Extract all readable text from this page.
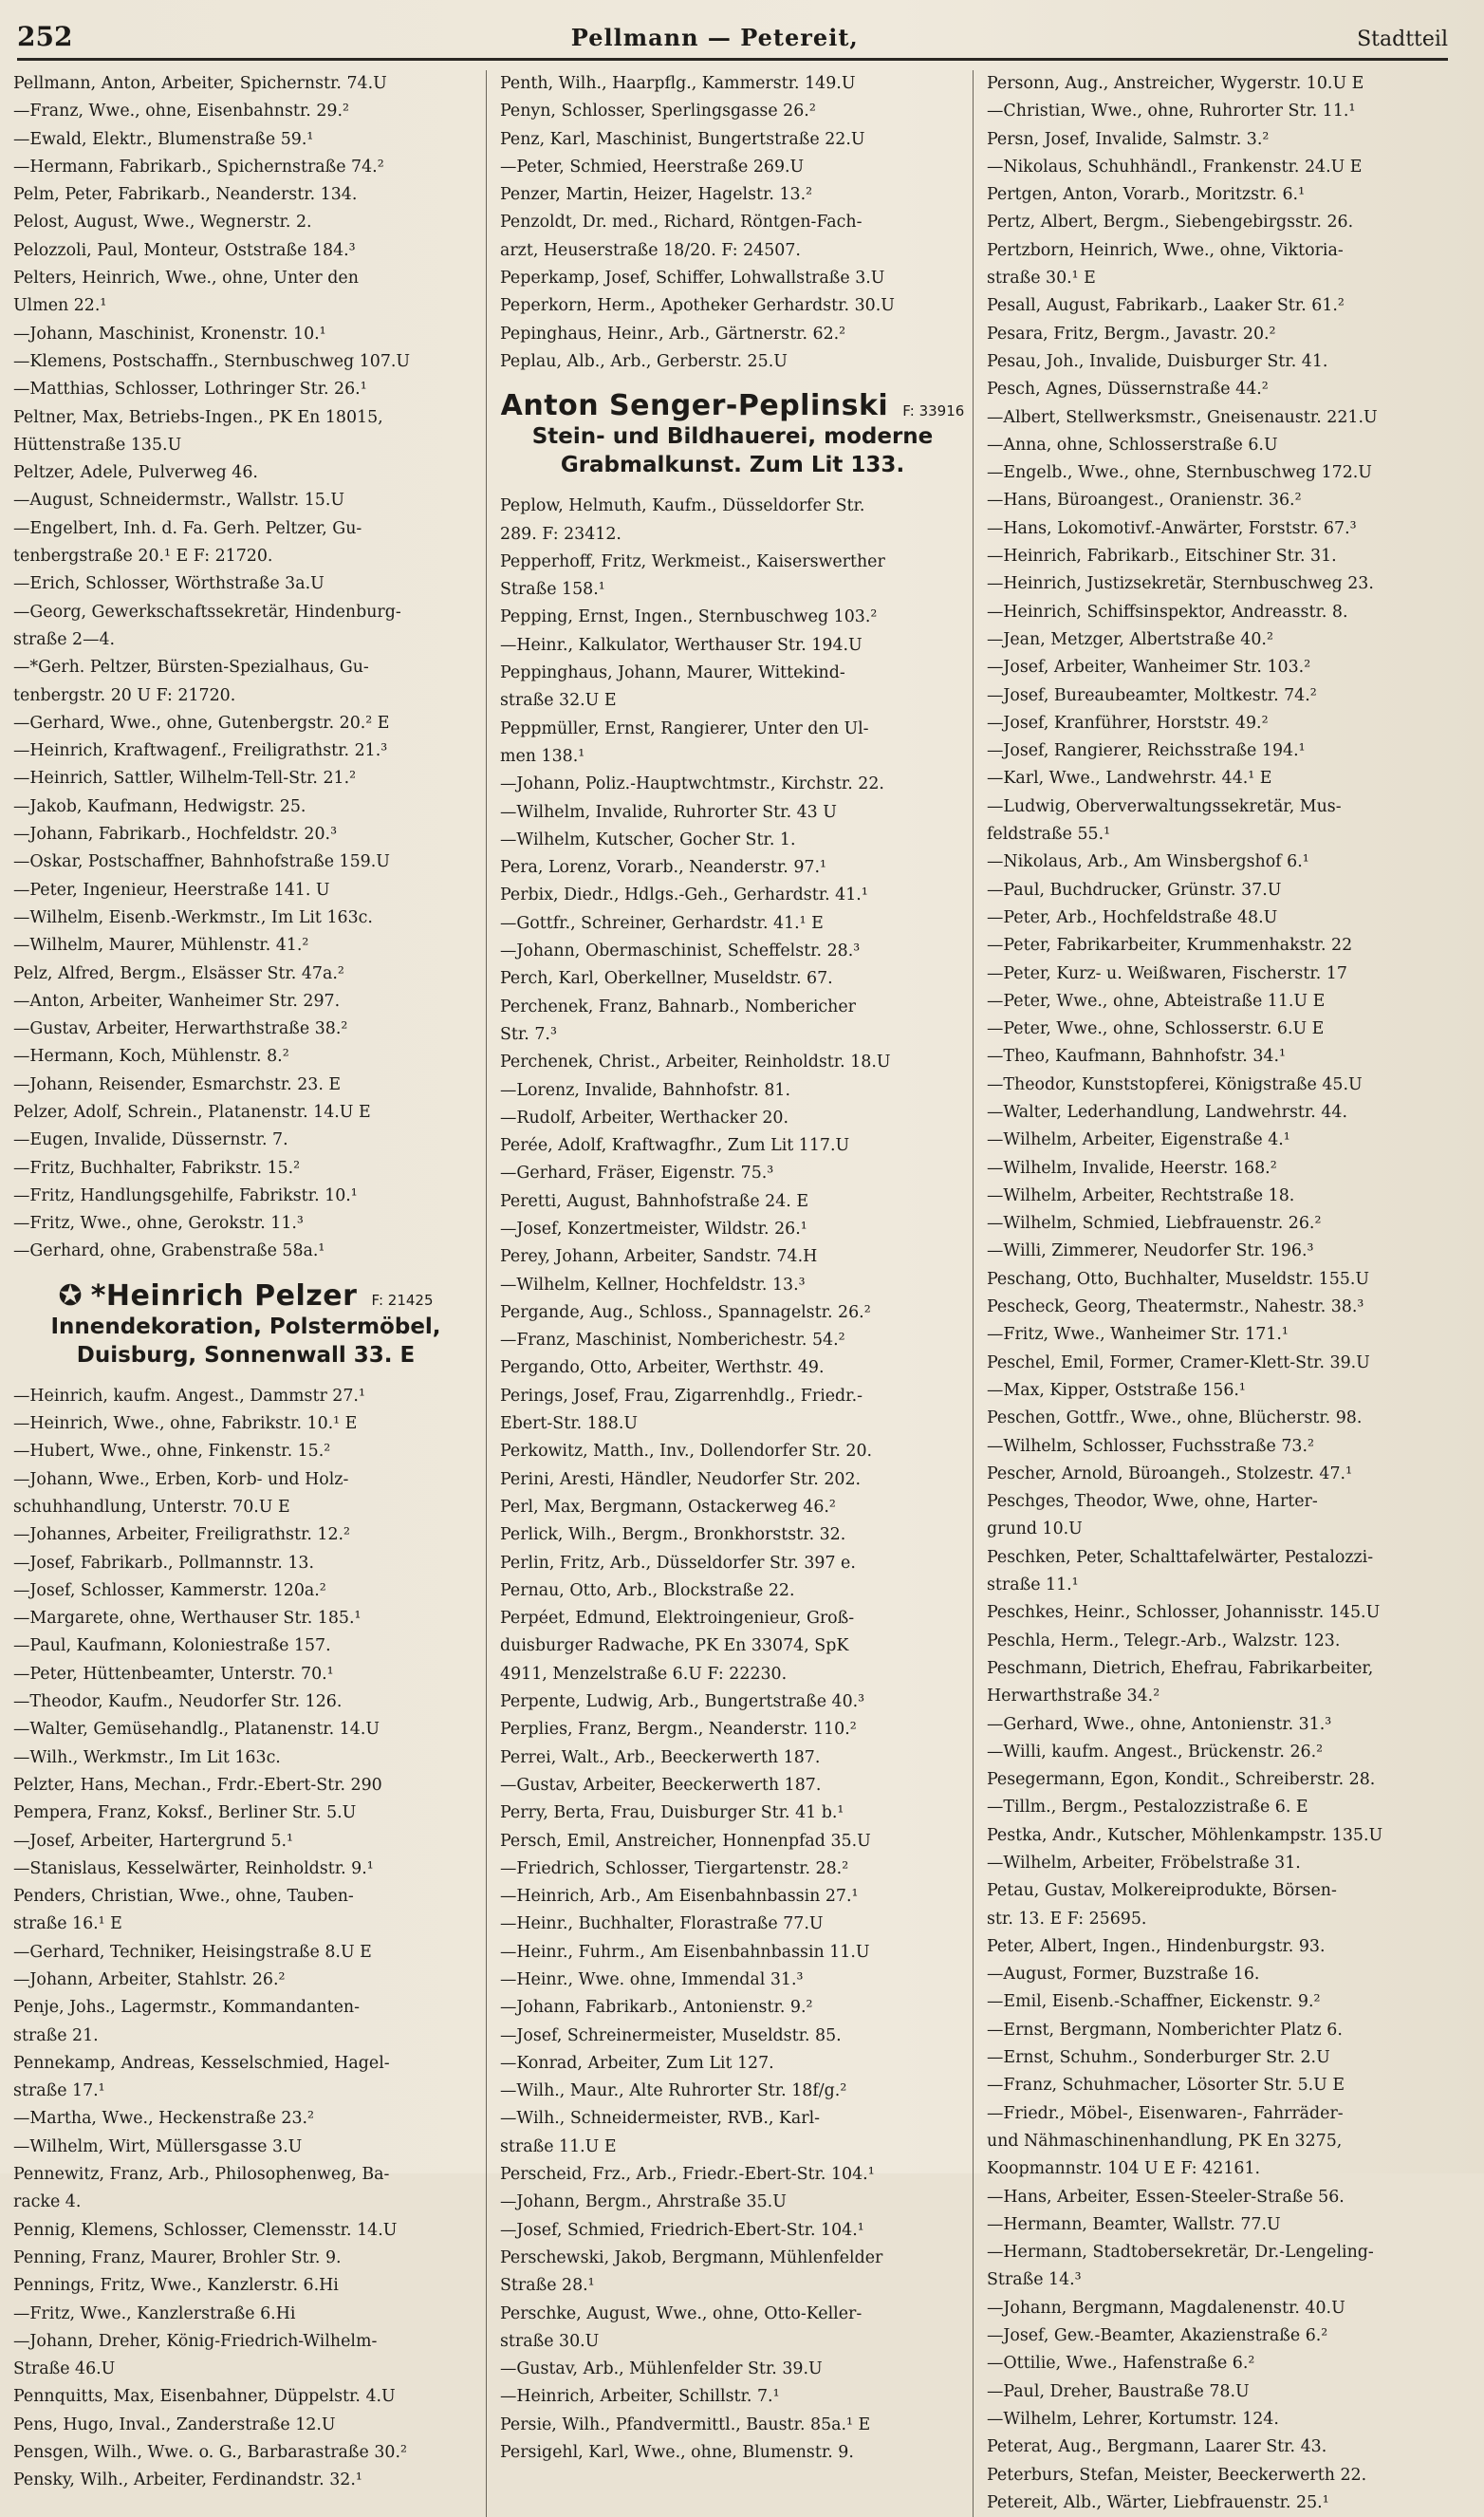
252	Pellmann — Petereit,	Stadtteil
Pellmann, Anton, Arbeiter, Spichernstr. 74.U
—Franz, Wwe., ohne, Eisenbahnstr. 29.²
—Ewald, Elektr., Blumenstraße 59.¹
—Hermann, Fabrikarb., Spichernstraße 74.²
Pelm, Peter, Fabrikarb., Neanderstr. 134.
Pelost, August, Wwe., Wegnerstr. 2.
Pelozzoli, Paul, Monteur, Oststraße 184.³
Pelters, Heinrich, Wwe., ohne, Unter den
Ulmen 22.¹
—Johann, Maschinist, Kronenstr. 10.¹
—Klemens, Postschaffn., Sternbuschweg 107.U
—Matthias, Schlosser, Lothringer Str. 26.¹
Peltner, Max, Betriebs-Ingen., PK En 18015,
Hüttenstraße 135.U
Peltzer, Adele, Pulverweg 46.
—August, Schneidermstr., Wallstr. 15.U
—Engelbert, Inh. d. Fa. Gerh. Peltzer, Gu-
tenbergstraße 20.¹ E F: 21720.
—Erich, Schlosser, Wörthstraße 3a.U
—Georg, Gewerkschaftssekretär, Hindenburg-
straße 2—4.
—*Gerh. Peltzer, Bürsten-Spezialhaus, Gu-
tenbergstr. 20 U F: 21720.
—Gerhard, Wwe., ohne, Gutenbergstr. 20.² E
—Heinrich, Kraftwagenf., Freiligrathstr. 21.³
—Heinrich, Sattler, Wilhelm-Tell-Str. 21.²
—Jakob, Kaufmann, Hedwigstr. 25.
—Johann, Fabrikarb., Hochfeldstr. 20.³
—Oskar, Postschaffner, Bahnhofstraße 159.U
—Peter, Ingenieur, Heerstraße 141. U
—Wilhelm, Eisenb.-Werkmstr., Im Lit 163c.
—Wilhelm, Maurer, Mühlenstr. 41.²
Pelz, Alfred, Bergm., Elsässer Str. 47a.²
—Anton, Arbeiter, Wanheimer Str. 297.
—Gustav, Arbeiter, Herwarthstraße 38.²
—Hermann, Koch, Mühlenstr. 8.²
—Johann, Reisender, Esmarchstr. 23. E
Pelzer, Adolf, Schrein., Platanenstr. 14.U E
—Eugen, Invalide, Düssernstr. 7.
—Fritz, Buchhalter, Fabrikstr. 15.²
—Fritz, Handlungsgehilfe, Fabrikstr. 10.¹
—Fritz, Wwe., ohne, Gerokstr. 11.³
—Gerhard, ohne, Grabenstraße 58a.¹
✪ *Heinrich Pelzer F: 21425
Innendekoration, Polstermöbel,
Duisburg, Sonnenwall 33. E
—Heinrich, kaufm. Angest., Dammstr 27.¹
—Heinrich, Wwe., ohne, Fabrikstr. 10.¹ E
—Hubert, Wwe., ohne, Finkenstr. 15.²
—Johann, Wwe., Erben, Korb- und Holz-
schuhhandlung, Unterstr. 70.U E
—Johannes, Arbeiter, Freiligrathstr. 12.²
—Josef, Fabrikarb., Pollmannstr. 13.
—Josef, Schlosser, Kammerstr. 120a.²
—Margarete, ohne, Werthauser Str. 185.¹
—Paul, Kaufmann, Koloniestraße 157.
—Peter, Hüttenbeamter, Unterstr. 70.¹
—Theodor, Kaufm., Neudorfer Str. 126.
—Walter, Gemüsehandlg., Platanenstr. 14.U
—Wilh., Werkmstr., Im Lit 163c.
Pelzter, Hans, Mechan., Frdr.-Ebert-Str. 290
Pempera, Franz, Koksf., Berliner Str. 5.U
—Josef, Arbeiter, Hartergrund 5.¹
—Stanislaus, Kesselwärter, Reinholdstr. 9.¹
Penders, Christian, Wwe., ohne, Tauben-
straße 16.¹ E
—Gerhard, Techniker, Heisingstraße 8.U E
—Johann, Arbeiter, Stahlstr. 26.²
Penje, Johs., Lagermstr., Kommandanten-
straße 21.
Pennekamp, Andreas, Kesselschmied, Hagel-
straße 17.¹
—Martha, Wwe., Heckenstraße 23.²
—Wilhelm, Wirt, Müllersgasse 3.U
Pennewitz, Franz, Arb., Philosophenweg, Ba-
racke 4.
Pennig, Klemens, Schlosser, Clemensstr. 14.U
Penning, Franz, Maurer, Brohler Str. 9.
Pennings, Fritz, Wwe., Kanzlerstr. 6.Hi
—Fritz, Wwe., Kanzlerstraße 6.Hi
—Johann, Dreher, König-Friedrich-Wilhelm-
Straße 46.U
Pennquitts, Max, Eisenbahner, Düppelstr. 4.U
Pens, Hugo, Inval., Zanderstraße 12.U
Pensgen, Wilh., Wwe. o. G., Barbarastraße 30.²
Pensky, Wilh., Arbeiter, Ferdinandstr. 32.¹
Penth, Wilh., Haarpflg., Kammerstr. 149.U
Penyn, Schlosser, Sperlingsgasse 26.²
Penz, Karl, Maschinist, Bungertstraße 22.U
—Peter, Schmied, Heerstraße 269.U
Penzer, Martin, Heizer, Hagelstr. 13.²
Penzoldt, Dr. med., Richard, Röntgen-Fach-
arzt, Heuserstraße 18/20. F: 24507.
Peperkamp, Josef, Schiffer, Lohwallstraße 3.U
Peperkorn, Herm., Apotheker Gerhardstr. 30.U
Pepinghaus, Heinr., Arb., Gärtnerstr. 62.²
Peplau, Alb., Arb., Gerberstr. 25.U
Anton Senger-Peplinski F: 33916
Stein- und Bildhauerei, moderne
Grabmalkunst. Zum Lit 133.
Peplow, Helmuth, Kaufm., Düsseldorfer Str.
289. F: 23412.
Pepperhoff, Fritz, Werkmeist., Kaiserswerther
Straße 158.¹
Pepping, Ernst, Ingen., Sternbuschweg 103.²
—Heinr., Kalkulator, Werthauser Str. 194.U
Peppinghaus, Johann, Maurer, Wittekind-
straße 32.U E
Peppmüller, Ernst, Rangierer, Unter den Ul-
men 138.¹
—Johann, Poliz.-Hauptwchtmstr., Kirchstr. 22.
—Wilhelm, Invalide, Ruhrorter Str. 43 U
—Wilhelm, Kutscher, Gocher Str. 1.
Pera, Lorenz, Vorarb., Neanderstr. 97.¹
Perbix, Diedr., Hdlgs.-Geh., Gerhardstr. 41.¹
—Gottfr., Schreiner, Gerhardstr. 41.¹ E
—Johann, Obermaschinist, Scheffelstr. 28.³
Perch, Karl, Oberkellner, Museldstr. 67.
Perchenek, Franz, Bahnarb., Nombericher
Str. 7.³
Perchenek, Christ., Arbeiter, Reinholdstr. 18.U
—Lorenz, Invalide, Bahnhofstr. 81.
—Rudolf, Arbeiter, Werthacker 20.
Perée, Adolf, Kraftwagfhr., Zum Lit 117.U
—Gerhard, Fräser, Eigenstr. 75.³
Peretti, August, Bahnhofstraße 24. E
—Josef, Konzertmeister, Wildstr. 26.¹
Perey, Johann, Arbeiter, Sandstr. 74.H
—Wilhelm, Kellner, Hochfeldstr. 13.³
Pergande, Aug., Schloss., Spannagelstr. 26.²
—Franz, Maschinist, Nomberichestr. 54.²
Pergando, Otto, Arbeiter, Werthstr. 49.
Perings, Josef, Frau, Zigarrenhdlg., Friedr.-
Ebert-Str. 188.U
Perkowitz, Matth., Inv., Dollendorfer Str. 20.
Perini, Aresti, Händler, Neudorfer Str. 202.
Perl, Max, Bergmann, Ostackerweg 46.²
Perlick, Wilh., Bergm., Bronkhorststr. 32.
Perlin, Fritz, Arb., Düsseldorfer Str. 397 e.
Pernau, Otto, Arb., Blockstraße 22.
Perpéet, Edmund, Elektroingenieur, Groß-
duisburger Radwache, PK En 33074, SpK
4911, Menzelstraße 6.U F: 22230.
Perpente, Ludwig, Arb., Bungertstraße 40.³
Perplies, Franz, Bergm., Neanderstr. 110.²
Perrei, Walt., Arb., Beeckerwerth 187.
—Gustav, Arbeiter, Beeckerwerth 187.
Perry, Berta, Frau, Duisburger Str. 41 b.¹
Persch, Emil, Anstreicher, Honnenpfad 35.U
—Friedrich, Schlosser, Tiergartenstr. 28.²
—Heinrich, Arb., Am Eisenbahnbassin 27.¹
—Heinr., Buchhalter, Florastraße 77.U
—Heinr., Fuhrm., Am Eisenbahnbassin 11.U
—Heinr., Wwe. ohne, Immendal 31.³
—Johann, Fabrikarb., Antonienstr. 9.²
—Josef, Schreinermeister, Museldstr. 85.
—Konrad, Arbeiter, Zum Lit 127.
—Wilh., Maur., Alte Ruhrorter Str. 18f/g.²
—Wilh., Schneidermeister, RVB., Karl-
straße 11.U E
Perscheid, Frz., Arb., Friedr.-Ebert-Str. 104.¹
—Johann, Bergm., Ahrstraße 35.U
—Josef, Schmied, Friedrich-Ebert-Str. 104.¹
Perschewski, Jakob, Bergmann, Mühlenfelder
Straße 28.¹
Perschke, August, Wwe., ohne, Otto-Keller-
straße 30.U
—Gustav, Arb., Mühlenfelder Str. 39.U
—Heinrich, Arbeiter, Schillstr. 7.¹
Persie, Wilh., Pfandvermittl., Baustr. 85a.¹ E
Persigehl, Karl, Wwe., ohne, Blumenstr. 9.
Personn, Aug., Anstreicher, Wygerstr. 10.U E
—Christian, Wwe., ohne, Ruhrorter Str. 11.¹
Persn, Josef, Invalide, Salmstr. 3.²
—Nikolaus, Schuhhändl., Frankenstr. 24.U E
Pertgen, Anton, Vorarb., Moritzstr. 6.¹
Pertz, Albert, Bergm., Siebengebirgsstr. 26.
Pertzborn, Heinrich, Wwe., ohne, Viktoria-
straße 30.¹ E
Pesall, August, Fabrikarb., Laaker Str. 61.²
Pesara, Fritz, Bergm., Javastr. 20.²
Pesau, Joh., Invalide, Duisburger Str. 41.
Pesch, Agnes, Düssernstraße 44.²
—Albert, Stellwerksmstr., Gneisenaustr. 221.U
—Anna, ohne, Schlosserstraße 6.U
—Engelb., Wwe., ohne, Sternbuschweg 172.U
—Hans, Büroangest., Oranienstr. 36.²
—Hans, Lokomotivf.-Anwärter, Forststr. 67.³
—Heinrich, Fabrikarb., Eitschiner Str. 31.
—Heinrich, Justizsekretär, Sternbuschweg 23.
—Heinrich, Schiffsinspektor, Andreasstr. 8.
—Jean, Metzger, Albertstraße 40.²
—Josef, Arbeiter, Wanheimer Str. 103.²
—Josef, Bureaubeamter, Moltkestr. 74.²
—Josef, Kranführer, Horststr. 49.²
—Josef, Rangierer, Reichsstraße 194.¹
—Karl, Wwe., Landwehrstr. 44.¹ E
—Ludwig, Oberverwaltungssekretär, Mus-
feldstraße 55.¹
—Nikolaus, Arb., Am Winsbergshof 6.¹
—Paul, Buchdrucker, Grünstr. 37.U
—Peter, Arb., Hochfeldstraße 48.U
—Peter, Fabrikarbeiter, Krummenhakstr. 22
—Peter, Kurz- u. Weißwaren, Fischerstr. 17
—Peter, Wwe., ohne, Abteistraße 11.U E
—Peter, Wwe., ohne, Schlosserstr. 6.U E
—Theo, Kaufmann, Bahnhofstr. 34.¹
—Theodor, Kunststopferei, Königstraße 45.U
—Walter, Lederhandlung, Landwehrstr. 44.
—Wilhelm, Arbeiter, Eigenstraße 4.¹
—Wilhelm, Invalide, Heerstr. 168.²
—Wilhelm, Arbeiter, Rechtstraße 18.
—Wilhelm, Schmied, Liebfrauenstr. 26.²
—Willi, Zimmerer, Neudorfer Str. 196.³
Peschang, Otto, Buchhalter, Museldstr. 155.U
Pescheck, Georg, Theatermstr., Nahestr. 38.³
—Fritz, Wwe., Wanheimer Str. 171.¹
Peschel, Emil, Former, Cramer-Klett-Str. 39.U
—Max, Kipper, Oststraße 156.¹
Peschen, Gottfr., Wwe., ohne, Blücherstr. 98.
—Wilhelm, Schlosser, Fuchsstraße 73.²
Pescher, Arnold, Büroangeh., Stolzestr. 47.¹
Peschges, Theodor, Wwe, ohne, Harter-
grund 10.U
Peschken, Peter, Schalttafelwärter, Pestalozzi-
straße 11.¹
Peschkes, Heinr., Schlosser, Johannisstr. 145.U
Peschla, Herm., Telegr.-Arb., Walzstr. 123.
Peschmann, Dietrich, Ehefrau, Fabrikarbeiter,
Herwarthstraße 34.²
—Gerhard, Wwe., ohne, Antonienstr. 31.³
—Willi, kaufm. Angest., Brückenstr. 26.²
Pesegermann, Egon, Kondit., Schreiberstr. 28.
—Tillm., Bergm., Pestalozzistraße 6. E
Pestka, Andr., Kutscher, Möhlenkampstr. 135.U
—Wilhelm, Arbeiter, Fröbelstraße 31.
Petau, Gustav, Molkereiprodukte, Börsen-
str. 13. E F: 25695.
Peter, Albert, Ingen., Hindenburgstr. 93.
—August, Former, Buzstraße 16.
—Emil, Eisenb.-Schaffner, Eickenstr. 9.²
—Ernst, Bergmann, Nomberichter Platz 6.
—Ernst, Schuhm., Sonderburger Str. 2.U
—Franz, Schuhmacher, Lösorter Str. 5.U E
—Friedr., Möbel-, Eisenwaren-, Fahrräder-
und Nähmaschinenhandlung, PK En 3275,
Koopmannstr. 104 U E F: 42161.
—Hans, Arbeiter, Essen-Steeler-Straße 56.
—Hermann, Beamter, Wallstr. 77.U
—Hermann, Stadtobersekretär, Dr.-Lengeling-
Straße 14.³
—Johann, Bergmann, Magdalenenstr. 40.U
—Josef, Gew.-Beamter, Akazienstraße 6.²
—Ottilie, Wwe., Hafenstraße 6.²
—Paul, Dreher, Baustraße 78.U
—Wilhelm, Lehrer, Kortumstr. 124.
Peterat, Aug., Bergmann, Laarer Str. 43.
Peterburs, Stefan, Meister, Beeckerwerth 22.
Petereit, Alb., Wärter, Liebfrauenstr. 25.¹
